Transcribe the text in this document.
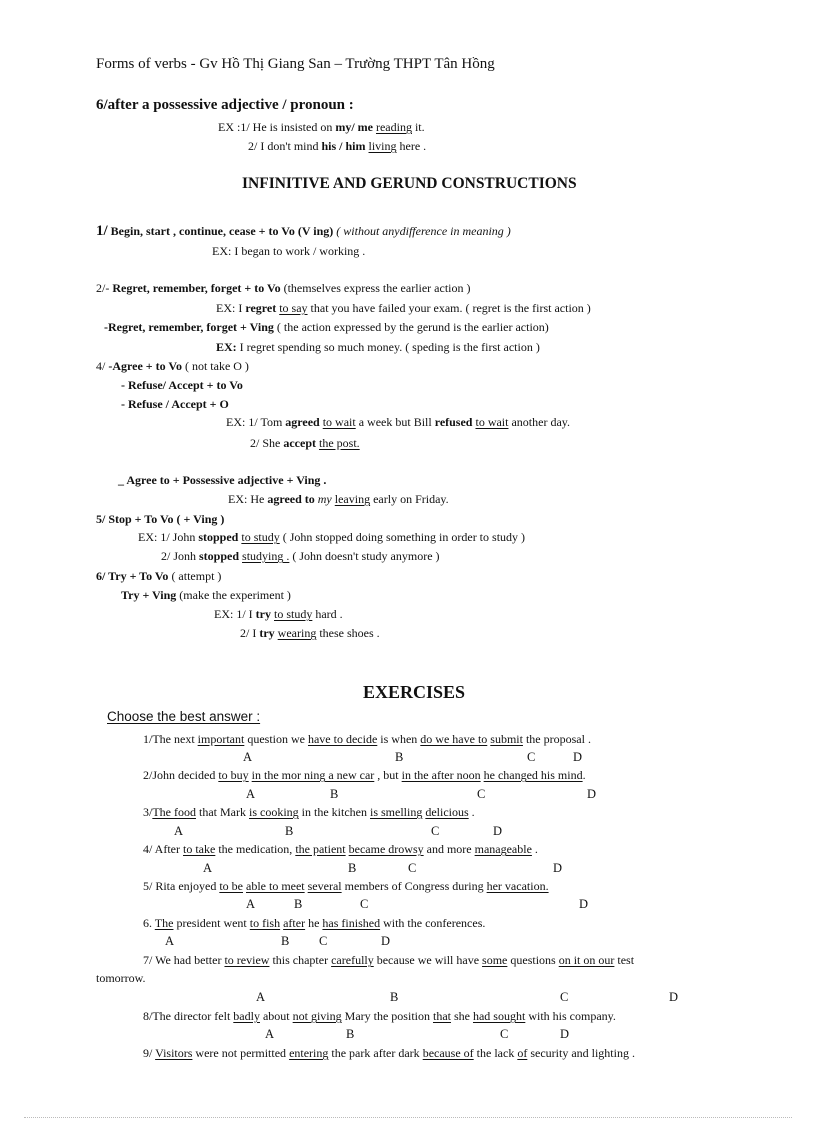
Forms of verbs - Gv Hồ Thị Giang San – Trường THPT Tân Hồng
6/after a possessive adjective / pronoun :
EX :1/ He is insisted on my/ me reading it.
2/ I don't mind his / him living here .
INFINITIVE AND GERUND CONSTRUCTIONS
1/ Begin, start , continue, cease + to Vo (V ing) ( without anydifference in meaning )
EX: I began to work / working .
2/- Regret, remember, forget + to Vo (themselves express the earlier action )
EX: I regret to say that you have failed your exam. ( regret is the first action )
-Regret, remember, forget + Ving ( the action expressed by the gerund is the earlier action)
EX: I regret spending so much money. ( speding is the first action )
4/ -Agree + to Vo ( not take O )
- Refuse/ Accept + to Vo
- Refuse / Accept + O
EX: 1/ Tom agreed to wait a week but Bill refused to wait another day.
2/ She accept the post.
_ Agree to + Possessive adjective + Ving .
EX: He agreed to my leaving early on Friday.
5/ Stop + To Vo ( + Ving )
EX: 1/ John stopped to study ( John stopped doing something in order to study )
2/ Jonh stopped studying . ( John doesn't study anymore )
6/ Try + To Vo ( attempt )
Try + Ving (make the experiment )
EX: 1/ I try to study hard .
2/ I try wearing these shoes .
EXERCISES
Choose the best answer :
1/The next important question we have to decide is when do we have to submit the proposal .
A	B	C	D
2/John decided to buy in the mor ning a new car , but in the after noon he changed his mind.
A	B	C	D
3/The food that Mark is cooking in the kitchen is smelling delicious .
A	B	C	D
4/ After to take the medication, the patient became drowsy and more manageable .
A	B	C	D
5/ Rita enjoyed to be able to meet several members of Congress during her vacation.
A	B	C	D
6. The president went to fish after he has finished with the conferences.
A	B C	D
7/ We had better to review this chapter carefully because we will have some questions on it on our test
tomorrow.
A	B	C	D
8/The director felt badly about not giving Mary the position that she had sought with his company.
A	B	C	D
9/ Visitors were not permitted entering the park after dark because of the lack of security and lighting .
